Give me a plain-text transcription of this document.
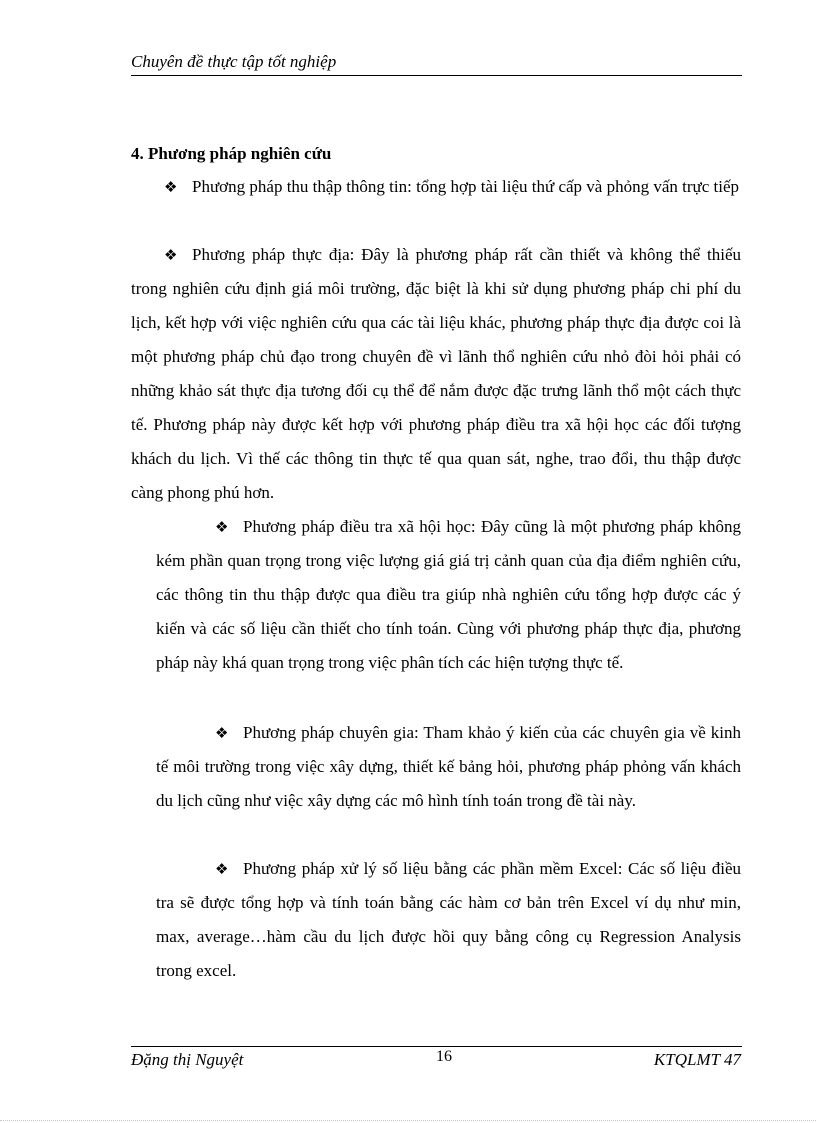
Chuyên đề thực tập tốt nghiệp
4. Phương pháp nghiên cứu

❖ Phương pháp thu thập thông tin: tổng hợp tài liệu thứ cấp và phỏng vấn trực tiếp

❖ Phương pháp thực địa: Đây là phương pháp rất cần thiết và không thể thiếu trong nghiên cứu định giá môi trường, đặc biệt là khi sử dụng phương pháp chi phí du lịch, kết hợp với việc nghiên cứu qua các tài liệu khác, phương pháp thực địa được coi là một phương pháp chủ đạo trong chuyên đề vì lãnh thổ nghiên cứu nhỏ đòi hỏi phải có những khảo sát thực địa tương đối cụ thể để nắm được đặc trưng lãnh thổ một cách thực tế. Phương pháp này được kết hợp với phương pháp điều tra xã hội học các đối tượng khách du lịch. Vì thế các thông tin thực tế qua quan sát, nghe, trao đổi, thu thập được càng phong phú hơn.

❖ Phương pháp điều tra xã hội học: Đây cũng là một phương pháp không kém phần quan trọng trong việc lượng giá giá trị cảnh quan của địa điểm nghiên cứu, các thông tin thu thập được qua điều tra giúp nhà nghiên cứu tổng hợp được các ý kiến và các số liệu cần thiết cho tính toán. Cùng với phương pháp thực địa, phương pháp này khá quan trọng trong việc phân tích các hiện tượng thực tế.

❖ Phương pháp chuyên gia: Tham khảo ý kiến của các chuyên gia về kinh tế môi trường trong việc xây dựng, thiết kế bảng hỏi, phương pháp phỏng vấn khách du lịch cũng như việc xây dựng các mô hình tính toán trong đề tài này.

❖ Phương pháp xử lý số liệu bằng các phần mềm Excel: Các số liệu điều tra sẽ được tổng hợp và tính toán bằng các hàm cơ bản trên Excel ví dụ như min, max, average…hàm cầu du lịch được hồi quy bằng công cụ Regression Analysis trong excel.

Đặng thị Nguyệt	16	KTQLMT 47
